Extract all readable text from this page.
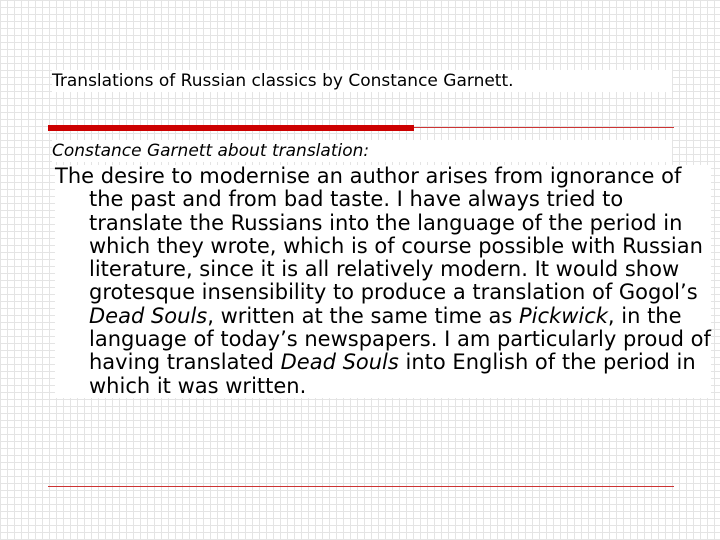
Translations of Russian classics by Constance Garnett.

Constance Garnett about translation:

The desire to modernise an author arises from ignorance of the past and from bad taste. I have always tried to translate the Russians into the language of the period in which they wrote, which is of course possible with Russian literature, since it is all relatively modern. It would show grotesque insensibility to produce a translation of Gogol’s Dead Souls, written at the same time as Pickwick, in the language of today’s newspapers. I am particularly proud of having translated Dead Souls into English of the period in which it was written.
